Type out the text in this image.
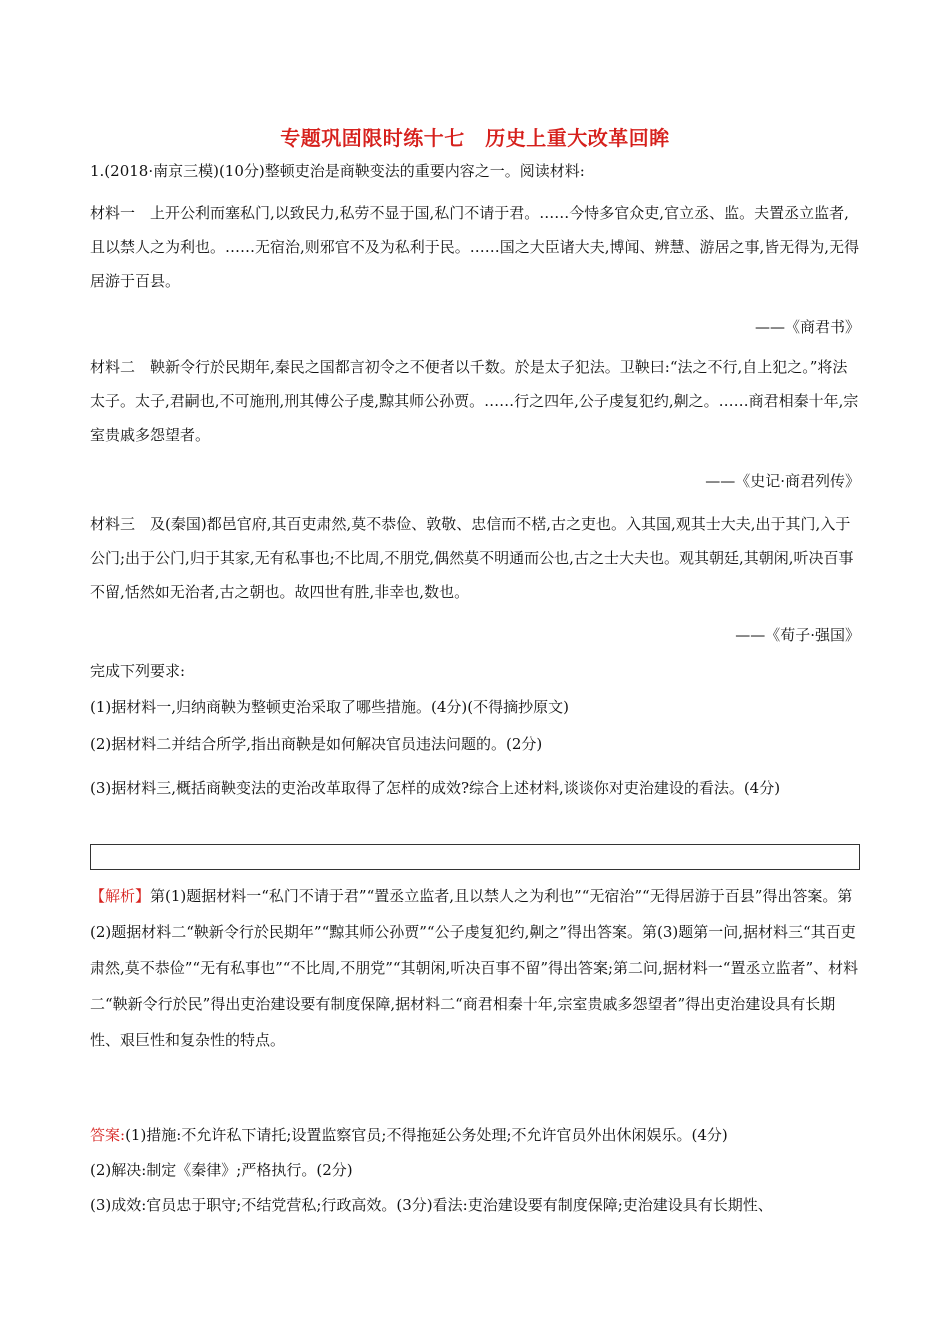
专题巩固限时练十七　历史上重大改革回眸
1.(2018·南京三模)(10分)整顿吏治是商鞅变法的重要内容之一。阅读材料:
材料一　上开公利而塞私门,以致民力,私劳不显于国,私门不请于君。……今恃多官众吏,官立丞、监。夫置丞立监者,且以禁人之为利也。……无宿治,则邪官不及为私利于民。……国之大臣诸大夫,博闻、辨慧、游居之事,皆无得为,无得居游于百县。
——《商君书》
材料二　鞅新令行於民期年,秦民之国都言初令之不便者以千数。於是太子犯法。卫鞅曰:“法之不行,自上犯之。”将法太子。太子,君嗣也,不可施刑,刑其傅公子虔,黥其师公孙贾。……行之四年,公子虔复犯约,劓之。……商君相秦十年,宗室贵戚多怨望者。
——《史记·商君列传》
材料三　及(秦国)都邑官府,其百吏肃然,莫不恭俭、敦敬、忠信而不楛,古之吏也。入其国,观其士大夫,出于其门,入于公门;出于公门,归于其家,无有私事也;不比周,不朋党,偶然莫不明通而公也,古之士大夫也。观其朝廷,其朝闲,听决百事不留,恬然如无治者,古之朝也。故四世有胜,非幸也,数也。
——《荀子·强国》
完成下列要求:
(1)据材料一,归纳商鞅为整顿吏治采取了哪些措施。(4分)(不得摘抄原文)
(2)据材料二并结合所学,指出商鞅是如何解决官员违法问题的。(2分)
(3)据材料三,概括商鞅变法的吏治改革取得了怎样的成效?综合上述材料,谈谈你对吏治建设的看法。(4分)
【解析】第(1)题据材料一“私门不请于君”“置丞立监者,且以禁人之为利也”“无宿治”“无得居游于百县”得出答案。第(2)题据材料二“鞅新令行於民期年”“黥其师公孙贾”“公子虔复犯约,劓之”得出答案。第(3)题第一问,据材料三“其百吏肃然,莫不恭俭”“无有私事也”“不比周,不朋党”“其朝闲,听决百事不留”得出答案;第二问,据材料一“置丞立监者”、材料二“鞅新令行於民”得出吏治建设要有制度保障,据材料二“商君相秦十年,宗室贵戚多怨望者”得出吏治建设具有长期性、艰巨性和复杂性的特点。
答案:(1)措施:不允许私下请托;设置监察官员;不得拖延公务处理;不允许官员外出休闲娱乐。(4分)
(2)解决:制定《秦律》;严格执行。(2分)
(3)成效:官员忠于职守;不结党营私;行政高效。(3分)看法:吏治建设要有制度保障;吏治建设具有长期性、
